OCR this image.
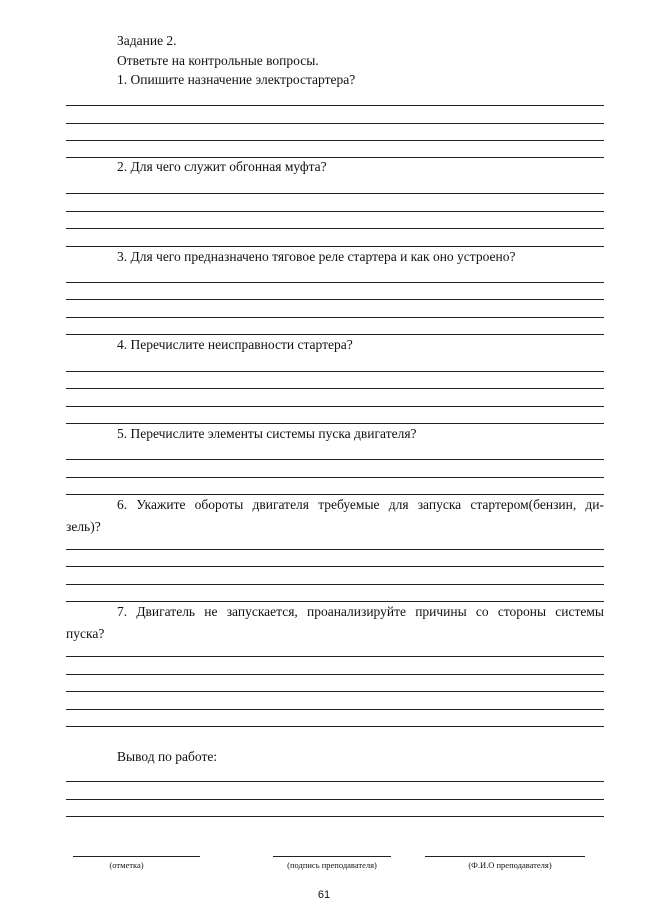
Задание 2.
Ответьте на контрольные вопросы.
1. Опишите назначение электростартера?
2. Для чего служит обгонная муфта?
3. Для чего предназначено тяговое реле стартера и как оно устроено?
4. Перечислите неисправности стартера?
5. Перечислите элементы системы пуска двигателя?
6. Укажите обороты двигателя требуемые для запуска стартером(бензин, ди-
зель)?
7. Двигатель не запускается, проанализируйте причины со стороны системы
пуска?
Вывод по работе:
(отметка)	(подпись преподавателя)	(Ф.И.О преподавателя)
61
